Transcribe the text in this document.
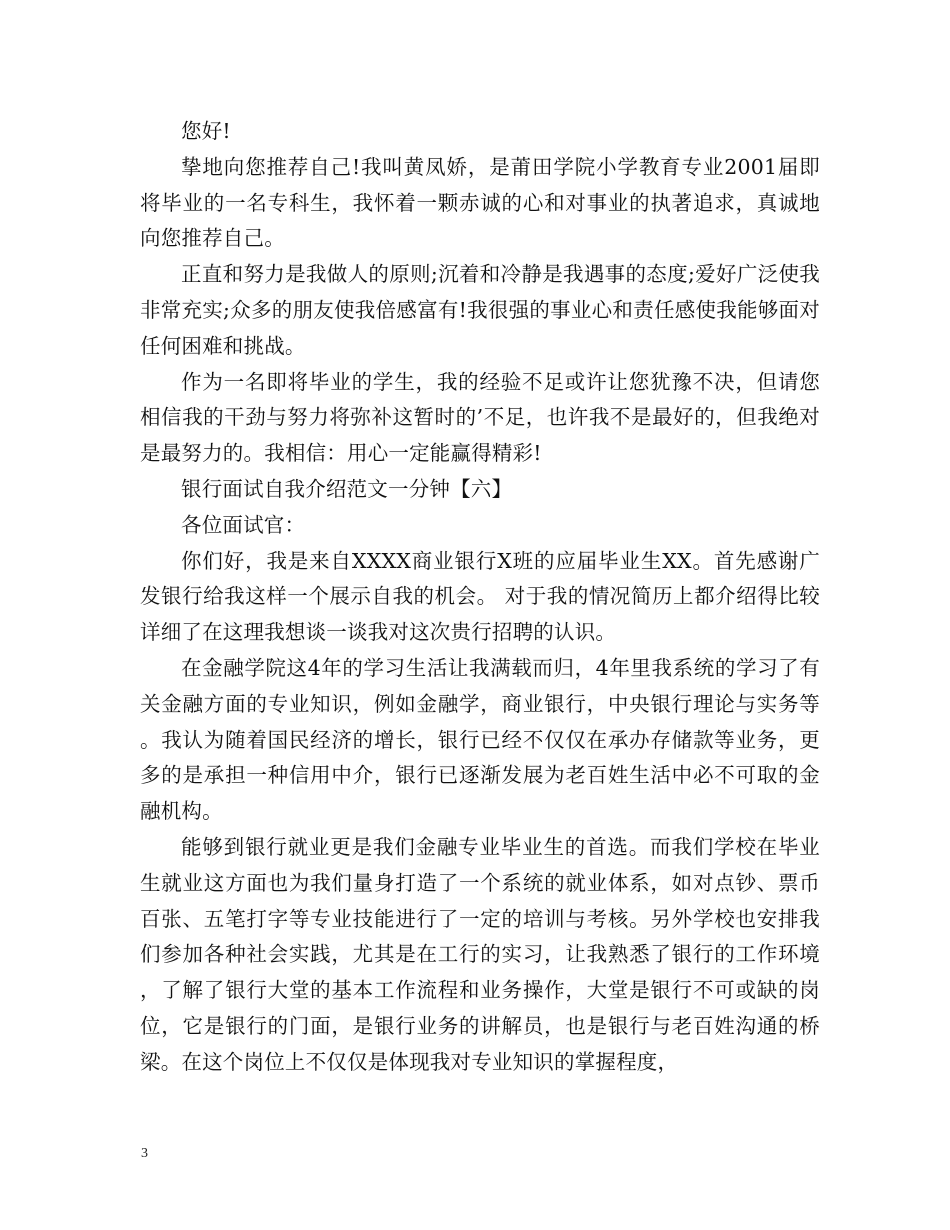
您好!

挚地向您推荐自己!我叫黄凤娇，是莆田学院小学教育专业2001届即将毕业的一名专科生，我怀着一颗赤诚的心和对事业的执著追求，真诚地向您推荐自己。

正直和努力是我做人的原则;沉着和冷静是我遇事的态度;爱好广泛使我非常充实;众多的朋友使我倍感富有!我很强的事业心和责任感使我能够面对任何困难和挑战。

作为一名即将毕业的学生，我的经验不足或许让您犹豫不决，但请您相信我的干劲与努力将弥补这暂时的’不足，也许我不是最好的，但我绝对是最努力的。我相信：用心一定能赢得精彩!

银行面试自我介绍范文一分钟【六】

各位面试官：

你们好，我是来自XXXX商业银行X班的应届毕业生XX。首先感谢广发银行给我这样一个展示自我的机会。 对于我的情况简历上都介绍得比较详细了在这理我想谈一谈我对这次贵行招聘的认识。

在金融学院这4年的学习生活让我满载而归，4年里我系统的学习了有关金融方面的专业知识，例如金融学，商业银行，中央银行理论与实务等。我认为随着国民经济的增长，银行已经不仅仅在承办存储款等业务，更多的是承担一种信用中介，银行已逐渐发展为老百姓生活中必不可取的金融机构。

能够到银行就业更是我们金融专业毕业生的首选。而我们学校在毕业生就业这方面也为我们量身打造了一个系统的就业体系，如对点钞、票币百张、五笔打字等专业技能进行了一定的培训与考核。另外学校也安排我们参加各种社会实践，尤其是在工行的实习，让我熟悉了银行的工作环境，了解了银行大堂的基本工作流程和业务操作，大堂是银行不可或缺的岗位，它是银行的门面，是银行业务的讲解员，也是银行与老百姓沟通的桥梁。在这个岗位上不仅仅是体现我对专业知识的掌握程度，

3
